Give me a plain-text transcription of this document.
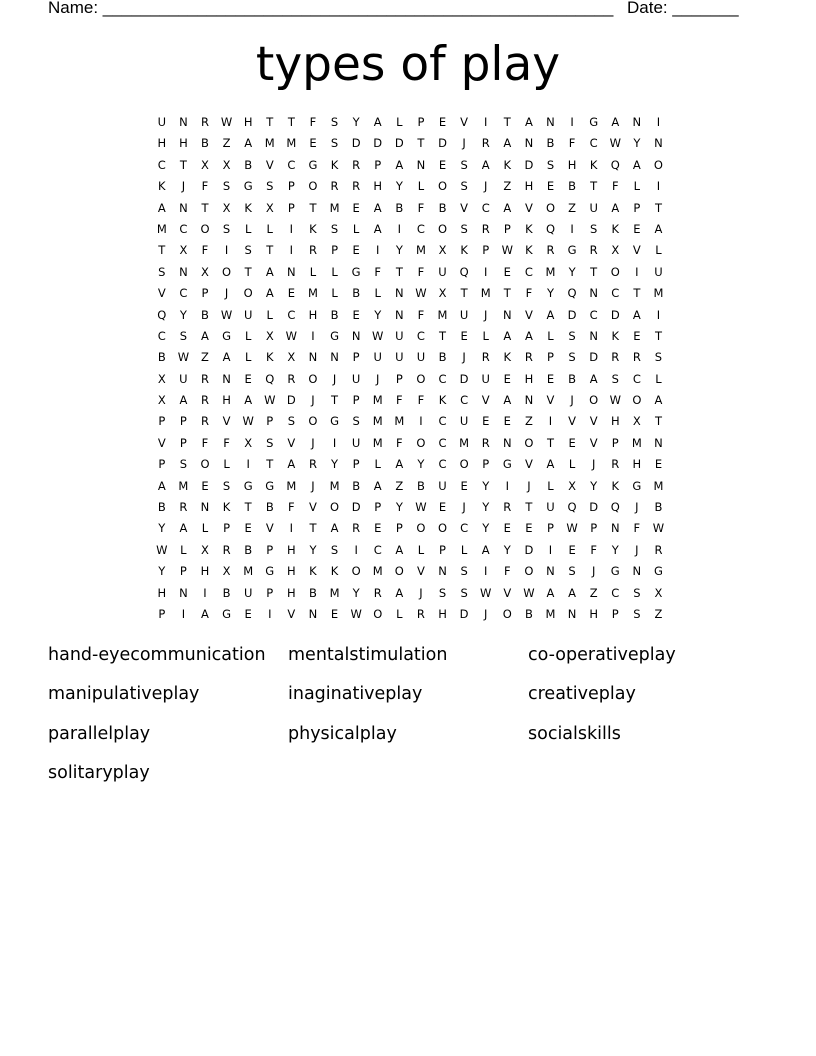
Name: ______________________________________________________ Date: _______
types of play
U	N	R	W	H	T	T	F	S	Y	A	L	P	E	V	I	T	A	N	I	G	A	N	I
H	H	B	Z	A	M	M	E	S	D	D	D	T	D	J	R	A	N	B	F	C	W	Y	N
C	T	X	X	B	V	C	G	K	R	P	A	N	E	S	A	K	D	S	H	K	Q	A	O
K	J	F	S	G	S	P	O	R	R	H	Y	L	O	S	J	Z	H	E	B	T	F	L	I
A	N	T	X	K	X	P	T	M	E	A	B	F	B	V	C	A	V	O	Z	U	A	P	T
M	C	O	S	L	L	I	K	S	L	A	I	C	O	S	R	P	K	Q	I	S	K	E	A
T	X	F	I	S	T	I	R	P	E	I	Y	M	X	K	P	W	K	R	G	R	X	V	L
S	N	X	O	T	A	N	L	L	G	F	T	F	U	Q	I	E	C	M	Y	T	O	I	U
V	C	P	J	O	A	E	M	L	B	L	N	W	X	T	M	T	F	Y	Q	N	C	T	M
Q	Y	B	W	U	L	C	H	B	E	Y	N	F	M	U	J	N	V	A	D	C	D	A	I
C	S	A	G	L	X	W	I	G	N	W	U	C	T	E	L	A	A	L	S	N	K	E	T
B	W	Z	A	L	K	X	N	N	P	U	U	U	B	J	R	K	R	P	S	D	R	R	S
X	U	R	N	E	Q	R	O	J	U	J	P	O	C	D	U	E	H	E	B	A	S	C	L
X	A	R	H	A	W D	J	T	P	M	F	F	K	C	V	A	N	V	J	O W O	A
P	P	R	V	W	P	S	O	G	S	M	M	I	C	U	E	E	Z	I	V	V	H	X	T
V	P	F	F	X	S	V	J	I	U	M	F	O	C	M	R	N	O	T	E	V	P	M	N
P	S	O	L	I	T	A	R	Y	P	L	A	Y	C	O	P	G	V	A	L	J	R	H	E
A	M	E	S	G	G	M	J	M	B	A	Z	B	U	E	Y	I	J	L	X	Y	K	G	M
B	R	N	K	T	B	F	V	O	D	P	Y	W	E	J	Y	R	T	U	Q	D	Q	J	B
Y	A	L	P	E	V	I	T	A	R	E	P	O	O	C	Y	E	E	P	W	P	N	F	W
W	L	X	R	B	P	H	Y	S	I	C	A	L	P	L	A	Y	D	I	E	F	Y	J	R
Y	P	H	X	M	G	H	K	K	O	M	O	V	N	S	I	F	O	N	S	J	G	N	G
H	N	I	B	U	P	H	B	M	Y	R	A	J	S	S	W	V	W	A	A	Z	C	S	X
P	I	A	G	E	I	V	N	E	W O	L	R	H	D	J	O	B	M	N	H	P	S	Z
hand-eyecommunication	mentalstimulation	co-operativeplay
manipulativeplay	inaginativeplay	creativeplay
parallelplay	physicalplay	socialskills
solitaryplay
